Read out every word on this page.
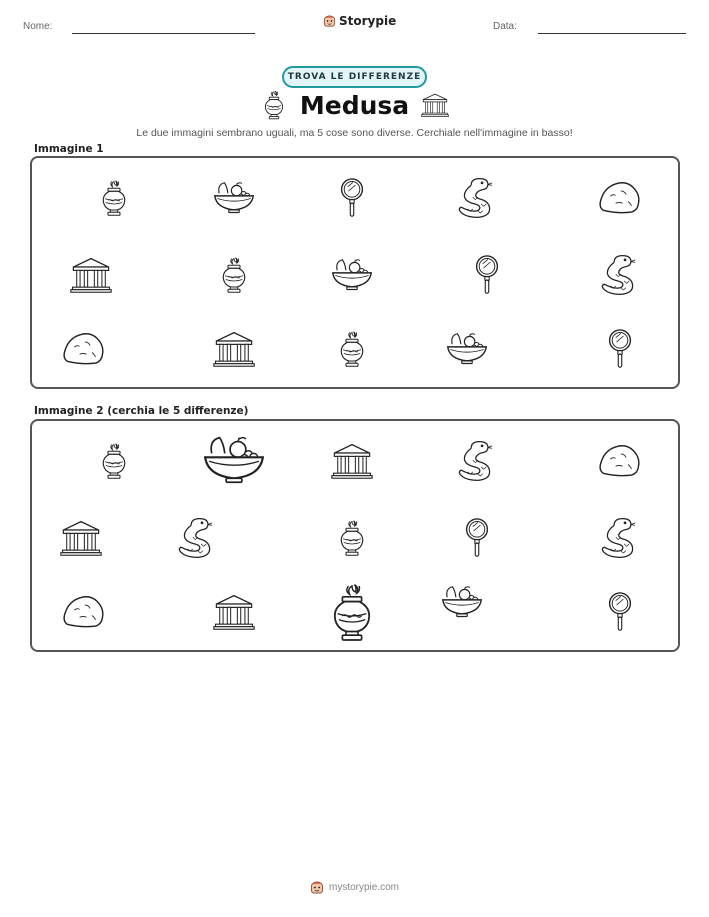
Nome:	Storypie	Data:
TROVA LE DIFFERENZE
Medusa
Le due immagini sembrano uguali, ma 5 cose sono diverse. Cerchiale nell'immagine in basso!
Immagine 1
Immagine 2 (cerchia le 5 differenze)
mystorypie.com
